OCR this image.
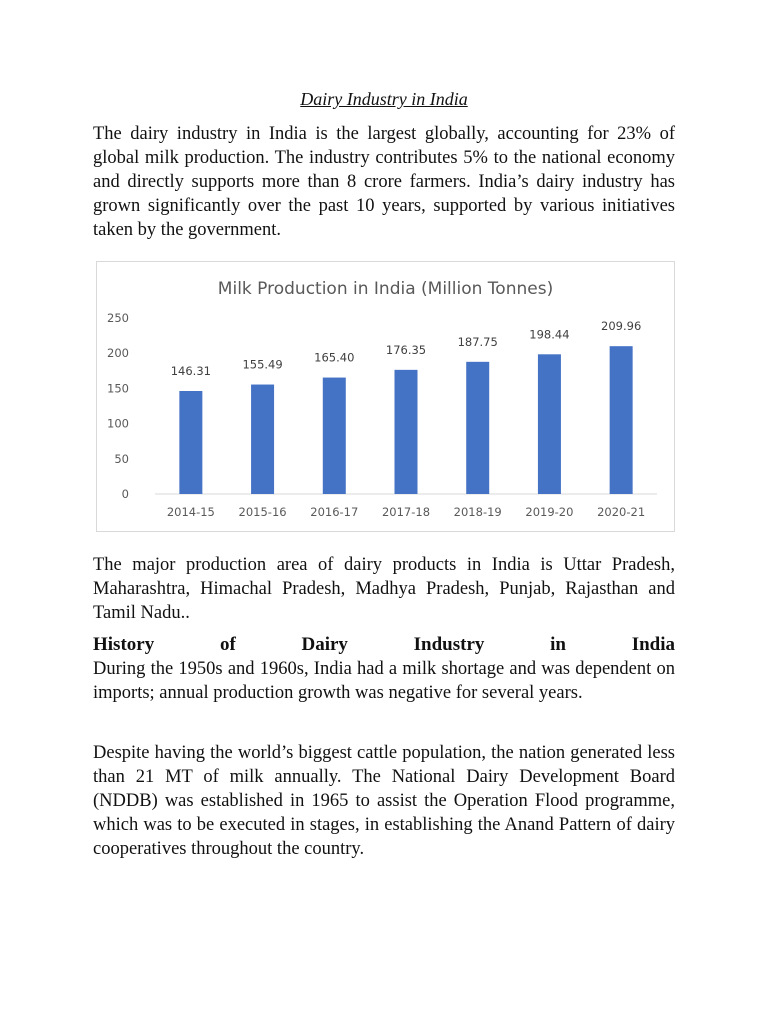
Dairy Industry in India

The dairy industry in India is the largest globally, accounting for 23% of global milk production. The industry contributes 5% to the national economy and directly supports more than 8 crore farmers. India’s dairy industry has grown significantly over the past 10 years, supported by various initiatives taken by the government.

Milk Production in India (Million Tonnes)
0
50
100
150
200
250
146.31
2014-15
155.49
2015-16
165.40
2016-17
176.35
2017-18
187.75
2018-19
198.44
2019-20
209.96
2020-21

The major production area of dairy products in India is Uttar Pradesh, Maharashtra, Himachal Pradesh, Madhya Pradesh, Punjab, Rajasthan and Tamil Nadu..

History	of	Dairy	Industry	in	India

During the 1950s and 1960s, India had a milk shortage and was dependent on imports; annual production growth was negative for several years.

Despite having the world’s biggest cattle population, the nation generated less than 21 MT of milk annually. The National Dairy Development Board (NDDB) was established in 1965 to assist the Operation Flood programme, which was to be executed in stages, in establishing the Anand Pattern of dairy cooperatives throughout the country.
